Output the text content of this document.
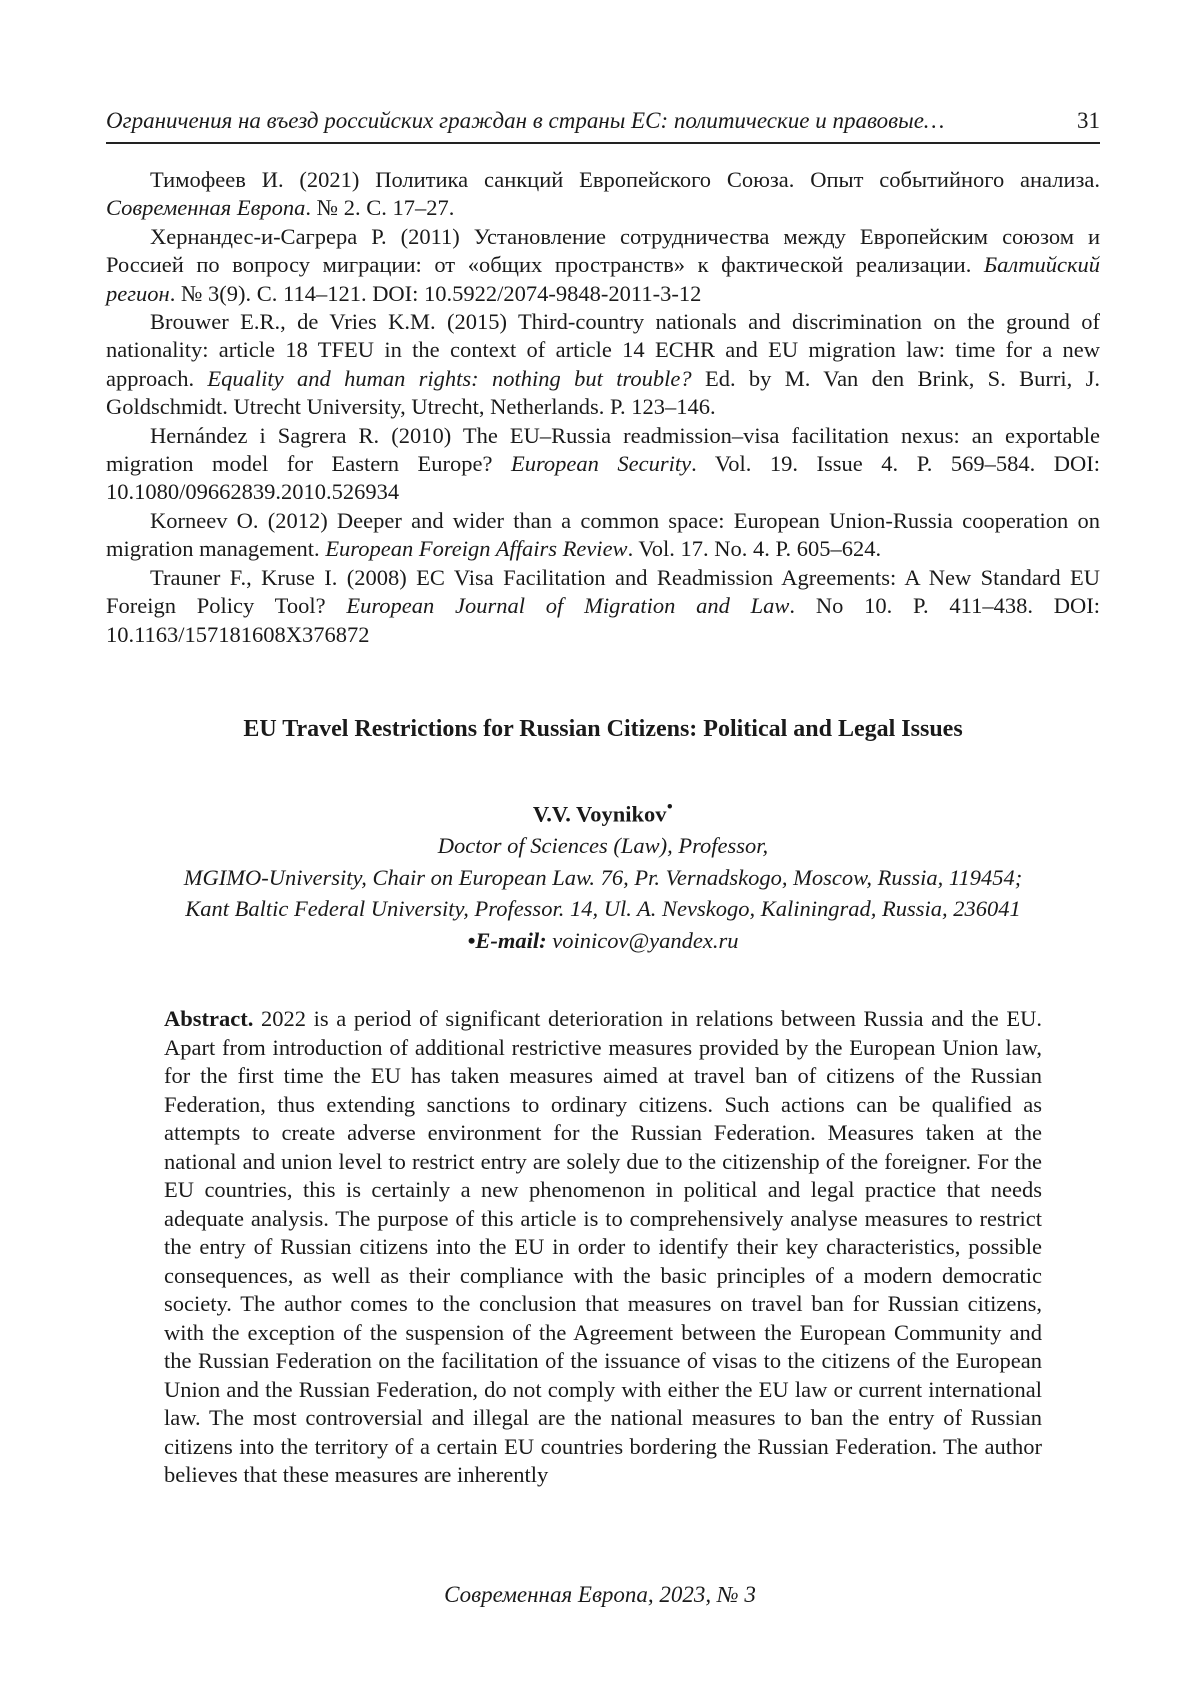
Ограничения на въезд российских граждан в страны ЕС: политические и правовые…	31

Тимофеев И. (2021) Политика санкций Европейского Союза. Опыт событийного анализа. Современная Европа. № 2. С. 17–27.

Хернандес-и-Сагрера Р. (2011) Установление сотрудничества между Европейским союзом и Россией по вопросу миграции: от «общих пространств» к фактической реализации. Балтийский регион. № 3(9). С. 114–121. DOI: 10.5922/2074-9848-2011-3-12

Brouwer E.R., de Vries K.M. (2015) Third-country nationals and discrimination on the ground of nationality: article 18 TFEU in the context of article 14 ECHR and EU migration law: time for a new approach. Equality and human rights: nothing but trouble? Ed. by M. Van den Brink, S. Burri, J. Goldschmidt. Utrecht University, Utrecht, Netherlands. P. 123–146.

Hernández i Sagrera R. (2010) The EU–Russia readmission–visa facilitation nexus: an exportable migration model for Eastern Europe? European Security. Vol. 19. Issue 4. P. 569–584. DOI: 10.1080/09662839.2010.526934

Korneev O. (2012) Deeper and wider than a common space: European Union-Russia cooperation on migration management. European Foreign Affairs Review. Vol. 17. No. 4. P. 605–624.

Trauner F., Kruse I. (2008) EC Visa Facilitation and Readmission Agreements: A New Standard EU Foreign Policy Tool? European Journal of Migration and Law. No 10. P. 411–438. DOI: 10.1163/157181608X376872

EU Travel Restrictions for Russian Citizens: Political and Legal Issues
V.V. Voynikov•
Doctor of Sciences (Law), Professor,
MGIMO-University, Chair on European Law. 76, Pr. Vernadskogo, Moscow, Russia, 119454;
Kant Baltic Federal University, Professor. 14, Ul. A. Nevskogo, Kaliningrad, Russia, 236041
•E-mail: voinicov@yandex.ru

Abstract. 2022 is a period of significant deterioration in relations between Russia and the EU. Apart from introduction of additional restrictive measures provided by the European Union law, for the first time the EU has taken measures aimed at travel ban of citizens of the Russian Federation, thus extending sanctions to ordinary citizens. Such actions can be qualified as attempts to create adverse environment for the Russian Federation. Measures taken at the national and union level to restrict entry are solely due to the citizenship of the foreigner. For the EU countries, this is certainly a new phenomenon in political and legal practice that needs adequate analysis. The purpose of this article is to comprehensively analyse measures to restrict the entry of Russian citizens into the EU in order to identify their key characteristics, possible consequences, as well as their compliance with the basic principles of a modern democratic society. The author comes to the conclusion that measures on travel ban for Russian citizens, with the exception of the suspension of the Agreement between the European Community and the Russian Federation on the facilitation of the issuance of visas to the citizens of the European Union and the Russian Federation, do not comply with either the EU law or current international law. The most controversial and illegal are the national measures to ban the entry of Russian citizens into the territory of a certain EU countries bordering the Russian Federation. The author believes that these measures are inherently

Современная Европа, 2023, № 3
